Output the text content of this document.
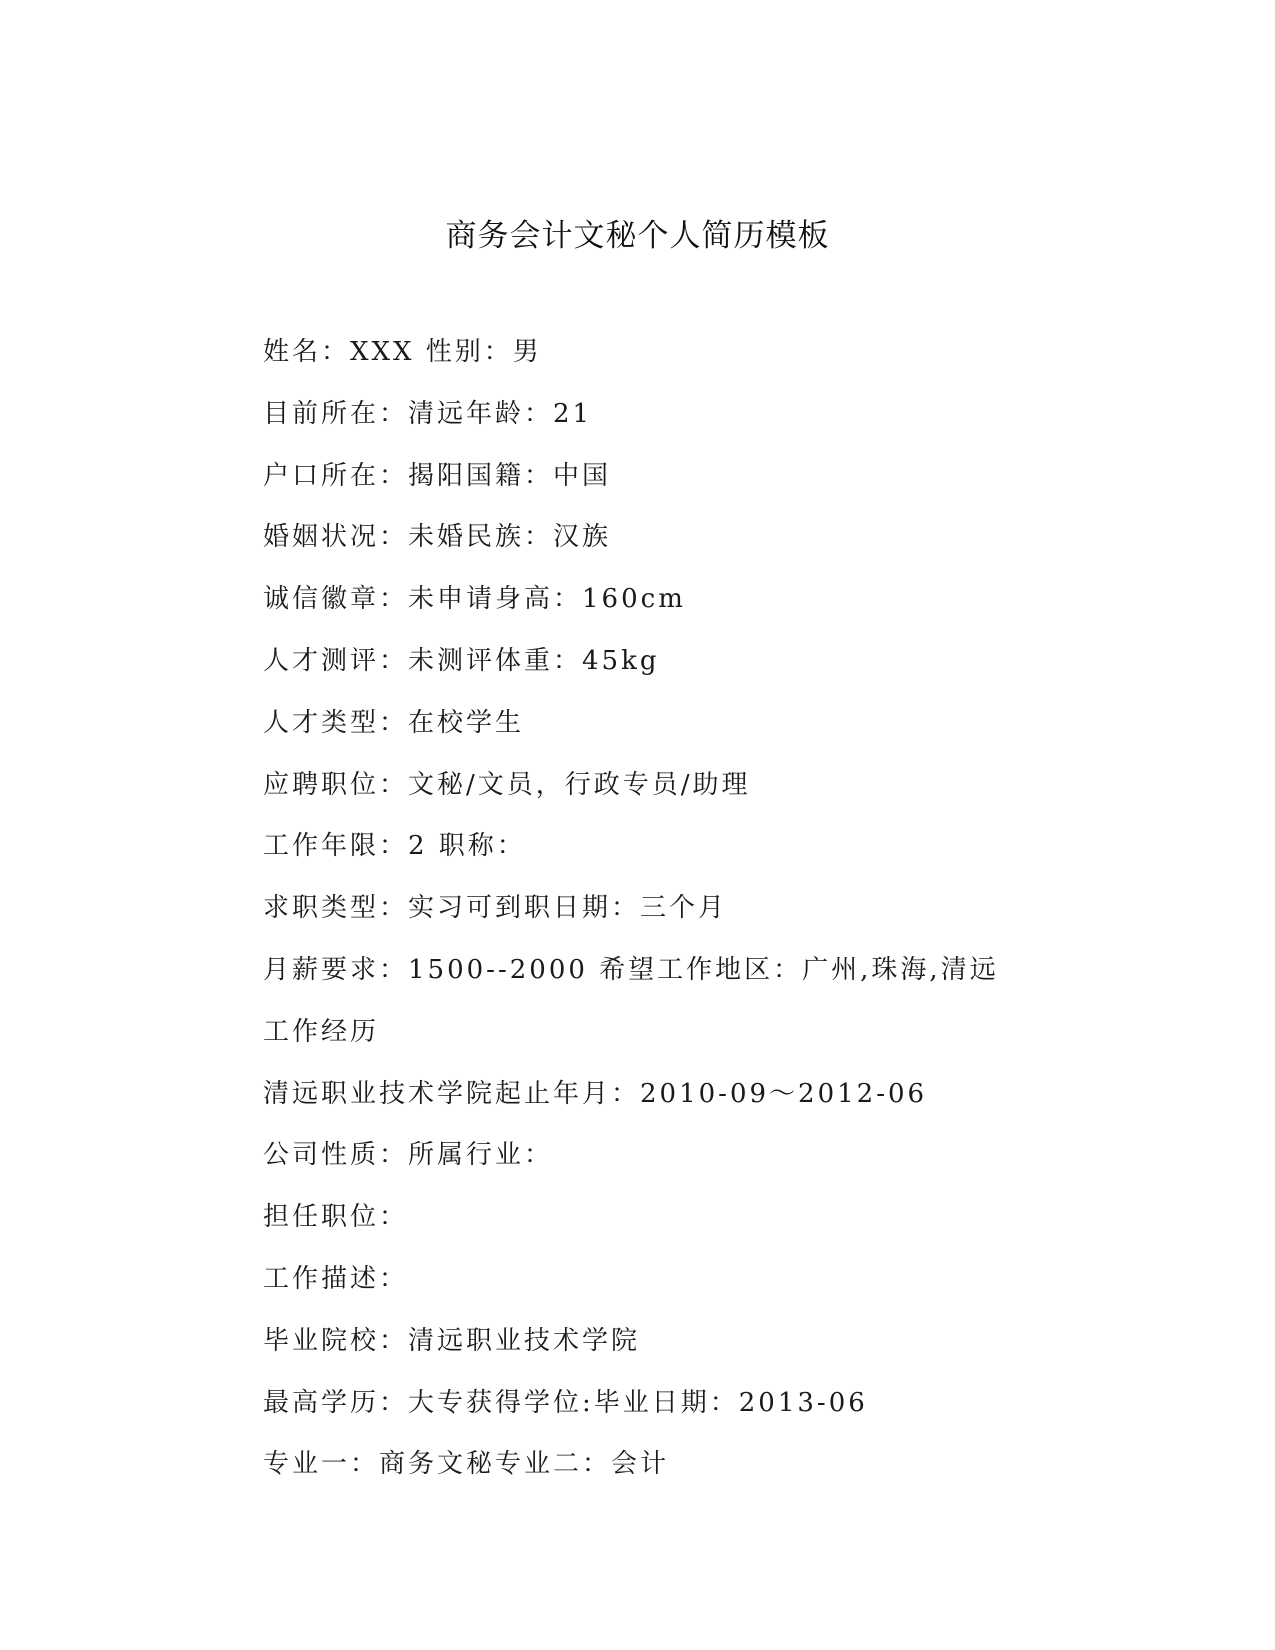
商务会计文秘个人简历模板
姓名：XXX 性别：男
目前所在：清远年龄：21
户口所在：揭阳国籍：中国
婚姻状况：未婚民族：汉族
诚信徽章：未申请身高：160cm
人才测评：未测评体重：45kg
人才类型：在校学生
应聘职位：文秘/文员，行政专员/助理
工作年限：2 职称：
求职类型：实习可到职日期：三个月
月薪要求：1500--2000 希望工作地区：广州,珠海,清远
工作经历
清远职业技术学院起止年月：2010-09～2012-06
公司性质：所属行业：
担任职位：
工作描述：
毕业院校：清远职业技术学院
最高学历：大专获得学位:毕业日期：2013-06
专业一：商务文秘专业二：会计
